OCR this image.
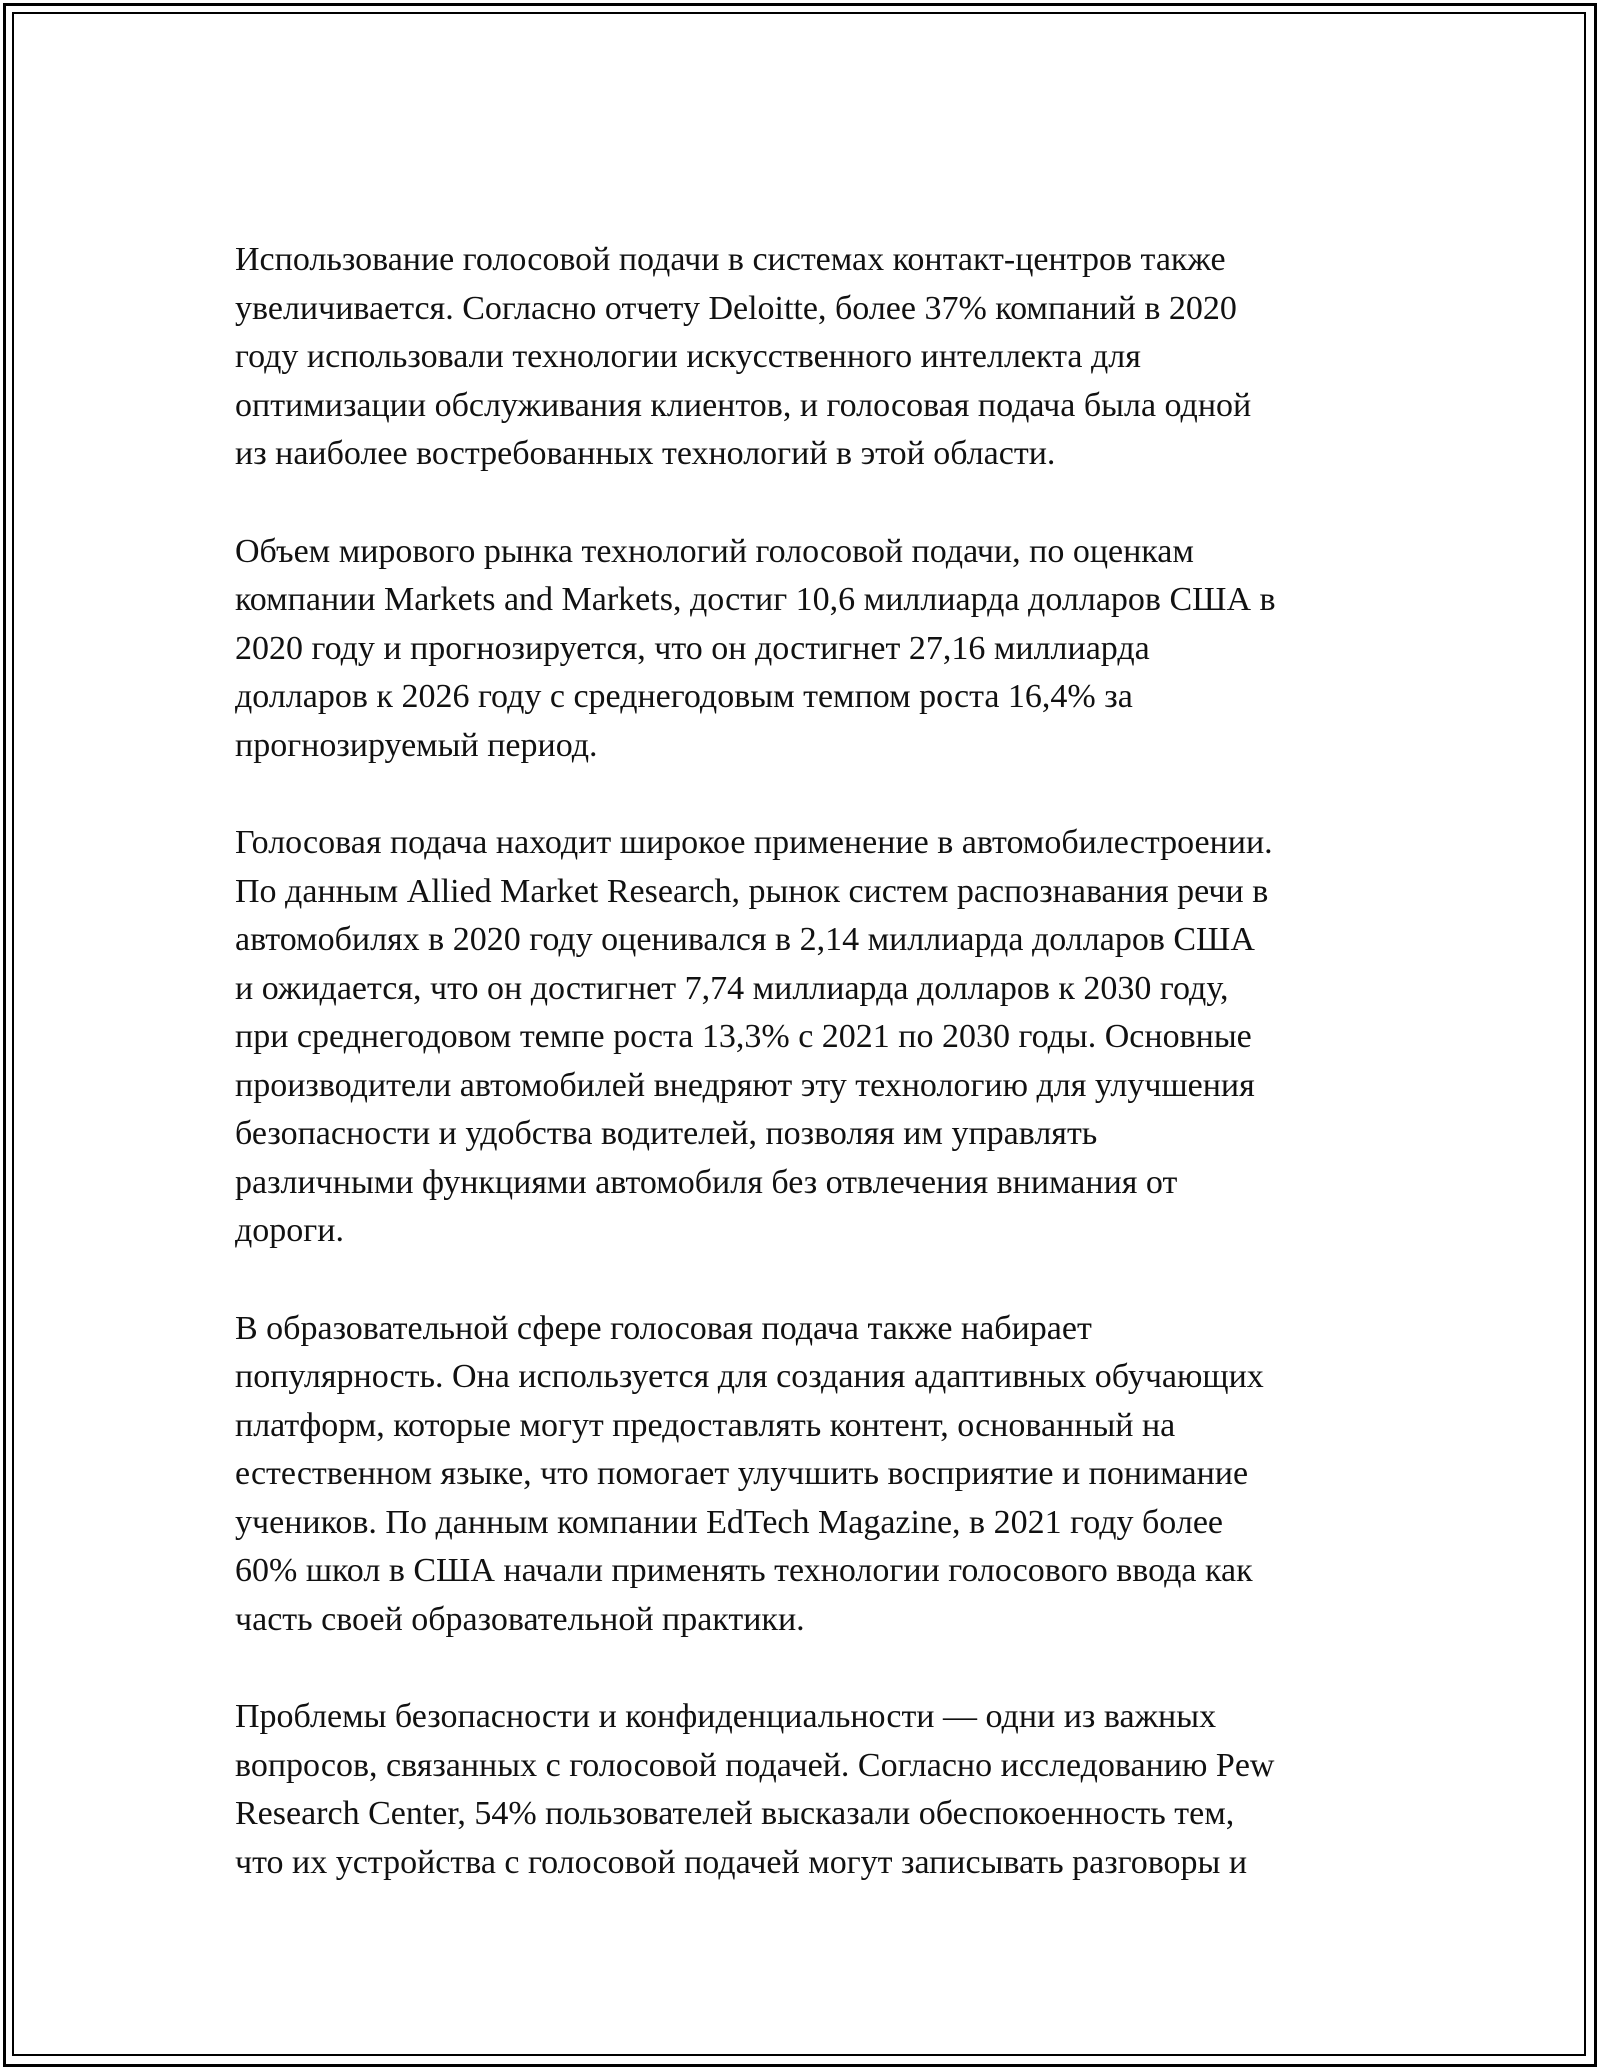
Использование голосовой подачи в системах контакт-центров также
увеличивается. Согласно отчету Deloitte, более 37% компаний в 2020
году использовали технологии искусственного интеллекта для
оптимизации обслуживания клиентов, и голосовая подача была одной
из наиболее востребованных технологий в этой области.

Объем мирового рынка технологий голосовой подачи, по оценкам
компании Markets and Markets, достиг 10,6 миллиарда долларов США в
2020 году и прогнозируется, что он достигнет 27,16 миллиарда
долларов к 2026 году с среднегодовым темпом роста 16,4% за
прогнозируемый период.

Голосовая подача находит широкое применение в автомобилестроении.
По данным Allied Market Research, рынок систем распознавания речи в
автомобилях в 2020 году оценивался в 2,14 миллиарда долларов США
и ожидается, что он достигнет 7,74 миллиарда долларов к 2030 году,
при среднегодовом темпе роста 13,3% с 2021 по 2030 годы. Основные
производители автомобилей внедряют эту технологию для улучшения
безопасности и удобства водителей, позволяя им управлять
различными функциями автомобиля без отвлечения внимания от
дороги.

В образовательной сфере голосовая подача также набирает
популярность. Она используется для создания адаптивных обучающих
платформ, которые могут предоставлять контент, основанный на
естественном языке, что помогает улучшить восприятие и понимание
учеников. По данным компании EdTech Magazine, в 2021 году более
60% школ в США начали применять технологии голосового ввода как
часть своей образовательной практики.

Проблемы безопасности и конфиденциальности — одни из важных
вопросов, связанных с голосовой подачей. Согласно исследованию Pew
Research Center, 54% пользователей высказали обеспокоенность тем,
что их устройства с голосовой подачей могут записывать разговоры и
